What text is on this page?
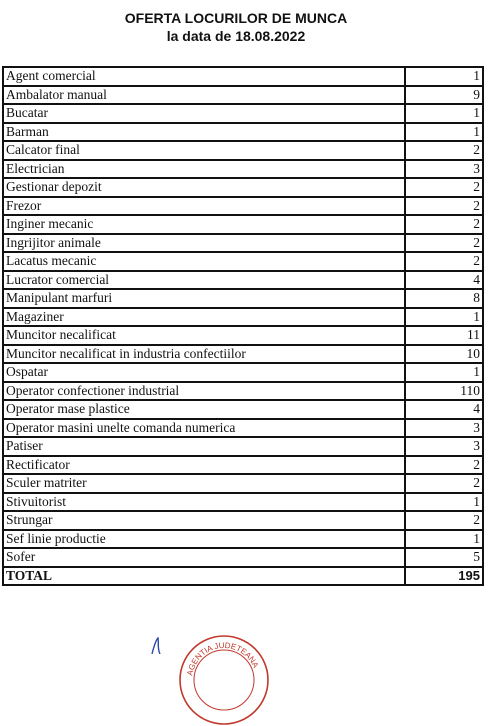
OFERTA LOCURILOR DE MUNCA
la data de 18.08.2022
Agent comercial	1
Ambalator manual	9
Bucatar	1
Barman	1
Calcator final	2
Electrician	3
Gestionar depozit	2
Frezor	2
Inginer mecanic	2
Ingrijitor animale	2
Lacatus mecanic	2
Lucrator comercial	4
Manipulant marfuri	8
Magaziner	1
Muncitor necalificat	11
Muncitor necalificat in industria confectiilor	10
Ospatar	1
Operator confectioner industrial	110
Operator mase plastice	4
Operator masini unelte comanda numerica	3
Patiser	3
Rectificator	2
Sculer matriter	2
Stivuitorist	1
Strungar	2
Sef linie productie	1
Sofer	5
TOTAL	195
AGENTIA JUDETEANA
